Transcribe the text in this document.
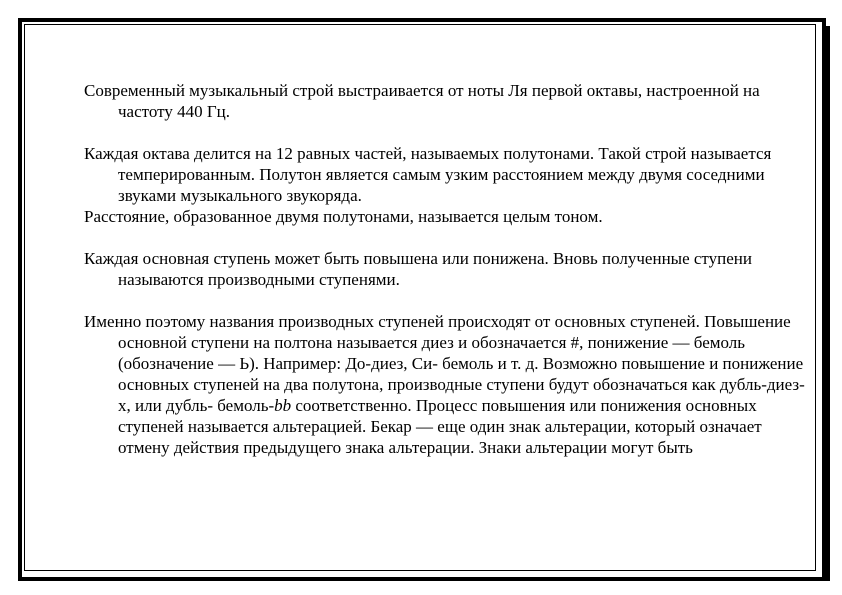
Современный музыкальный строй выстраивается от ноты Ля первой октавы, настроенной на частоту 440 Гц.

Каждая октава делится на 12 равных частей, называемых полутонами. Такой строй называется темперированным. Полутон является самым узким расстоянием между двумя соседними звуками музыкального звукоряда.

Расстояние, образованное двумя полутонами, называется целым тоном.

Каждая основная ступень может быть повышена или понижена. Вновь полученные ступени называются производными ступенями.

Именно поэтому названия производных ступеней происходят от основных ступеней. Повышение основной ступени на полтона называется диез и обозначается #, понижение — бемоль (обозначение — Ь). Например: До-диез, Си- бемоль и т. д. Возможно повышение и понижение основных ступеней на два полутона, производные ступени будут обозначаться как дубль-диез-х, или дубль- бемоль-bb соответственно. Процесс повышения или понижения основных ступеней называется альтерацией. Бекар — еще один знак альтерации, который означает отмену действия предыдущего знака альтерации. Знаки альтерации могут быть
